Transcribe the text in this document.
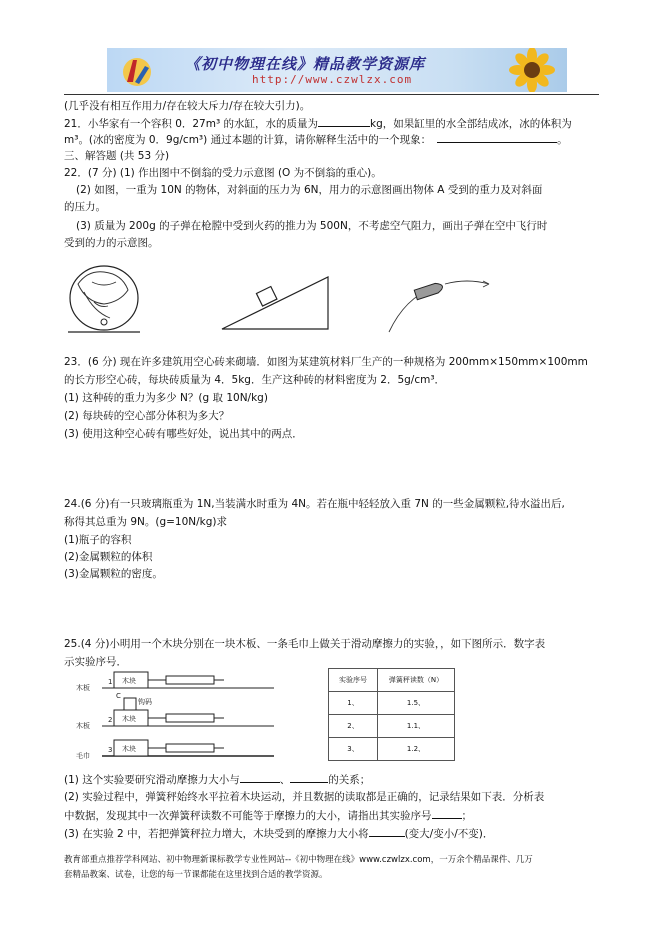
《初中物理在线》精品教学资源库
http://www.czwlzx.com
(几乎没有相互作用力/存在较大斥力/存在较大引力)。
21．小华家有一个容积 0．27m³ 的水缸，水的质量为	kg，如果缸里的水全部结成冰，冰的体积为
m³。(冰的密度为 0．9g/cm³) 通过本题的计算，请你解释生活中的一个现象：	。
三、解答题 (共 53 分)
22．(7 分) (1) 作出图中不倒翁的受力示意图 (O 为不倒翁的重心)。
(2) 如图，一重为 10N 的物体，对斜面的压力为 6N，用力的示意图画出物体 A 受到的重力及对斜面
的压力。
(3) 质量为 200g 的子弹在枪膛中受到火药的推力为 500N，不考虑空气阻力，画出子弹在空中飞行时
受到的力的示意图。
23．(6 分) 现在许多建筑用空心砖来砌墙．如图为某建筑材料厂生产的一种规格为 200mm×150mm×100mm
的长方形空心砖，每块砖质量为 4．5kg．生产这种砖的材料密度为 2．5g/cm³．
(1) 这种砖的重力为多少 N？(g 取 10N/kg)
(2) 每块砖的空心部分体积为多大？
(3) 使用这种空心砖有哪些好处，说出其中的两点．
24.(6 分)有一只玻璃瓶重为 1N,当装满水时重为 4N。若在瓶中轻轻放入重 7N 的一些金属颗粒,待水溢出后,
称得其总重为 9N。(g=10N/kg)求
(1)瓶子的容积
(2)金属颗粒的体积
(3)金属颗粒的密度。
25.(4 分)小明用一个木块分别在一块木板、一条毛巾上做关于滑动摩擦力的实验，，如下图所示．数字表
示实验序号．
木板
木板
毛巾
1
2
3
木块
木块
木块
钩码
C
实验序号	弹簧秤读数（N）
1、	1.5、
2、	1.1、
3、	1.2、
(1) 这个实验要研究滑动摩擦力大小与	、	的关系；
(2) 实验过程中，弹簧秤始终水平拉着木块运动，并且数据的读取都是正确的，记录结果如下表．分析表
中数据，发现其中一次弹簧秤读数不可能等于摩擦力的大小，请指出其实验序号	；
(3) 在实验 2 中，若把弹簧秤拉力增大，木块受到的摩擦力大小将	(变大/变小/不变)．
教育部重点推荐学科网站、初中物理新课标教学专业性网站--《初中物理在线》www.czwlzx.com，一万余个精品课件、几万
套精品教案、试卷，让您的每一节课都能在这里找到合适的教学资源。
